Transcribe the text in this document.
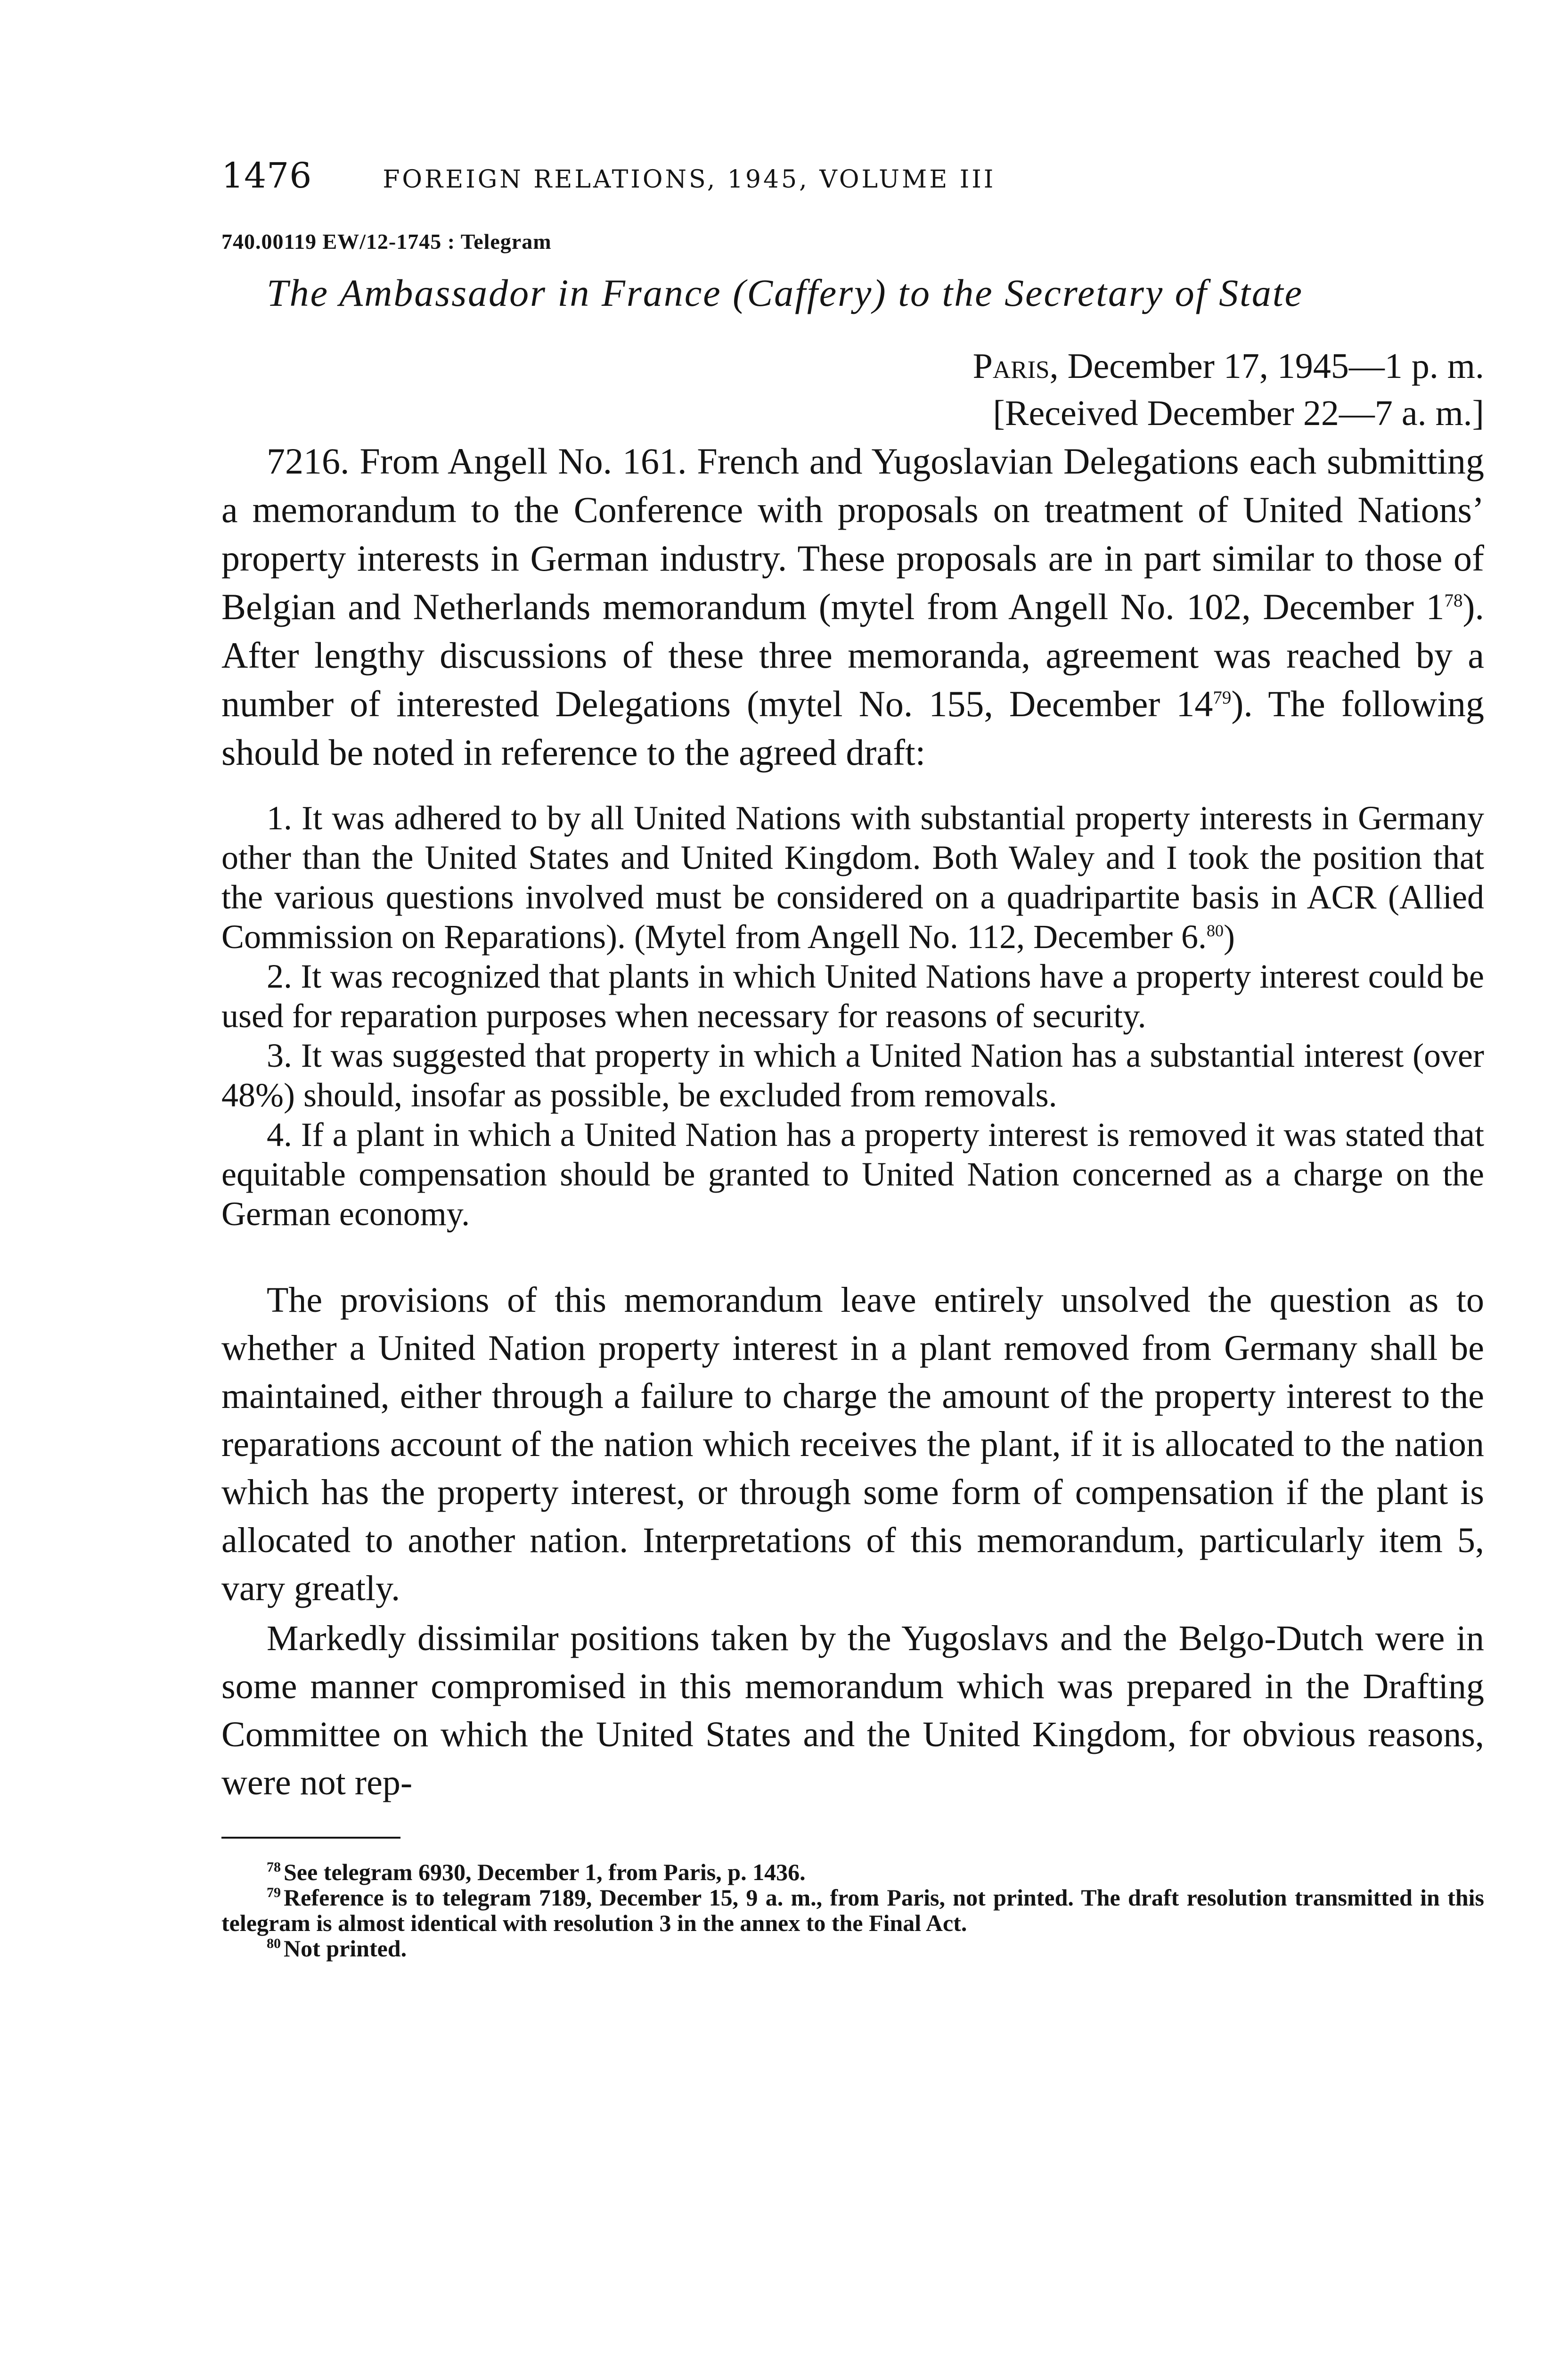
1476	FOREIGN RELATIONS, 1945, VOLUME III
740.00119 EW/12-1745 : Telegram
The Ambassador in France (Caffery) to the Secretary of State
Paris, December 17, 1945—1 p. m.
[Received December 22—7 a. m.]

7216. From Angell No. 161. French and Yugoslavian Delegations each submitting a memorandum to the Conference with proposals on treatment of United Nations’ property interests in German industry. These proposals are in part similar to those of Belgian and Netherlands memorandum (mytel from Angell No. 102, December $1^{78}$). After lengthy discussions of these three memoranda, agreement was reached by a number of interested Delegations (mytel No. 155, December $14^{79}$). The following should be noted in reference to the agreed draft:

1. It was adhered to by all United Nations with substantial property interests in Germany other than the United States and United Kingdom. Both Waley and I took the position that the various questions involved must be considered on a quadripartite basis in ACR (Allied Commission on Reparations). (Mytel from Angell No. 112, December 6.80)

2. It was recognized that plants in which United Nations have a property interest could be used for reparation purposes when necessary for reasons of security.

3. It was suggested that property in which a United Nation has a substantial interest (over 48%) should, insofar as possible, be excluded from removals.

4. If a plant in which a United Nation has a property interest is removed it was stated that equitable compensation should be granted to United Nation concerned as a charge on the German economy.

The provisions of this memorandum leave entirely unsolved the question as to whether a United Nation property interest in a plant removed from Germany shall be maintained, either through a failure to charge the amount of the property interest to the reparations account of the nation which receives the plant, if it is allocated to the nation which has the property interest, or through some form of compensation if the plant is allocated to another nation. Interpretations of this memorandum, particularly item 5, vary greatly.

Markedly dissimilar positions taken by the Yugoslavs and the Belgo-Dutch were in some manner compromised in this memorandum which was prepared in the Drafting Committee on which the United States and the United Kingdom, for obvious reasons, were not rep-

$^{78}$ See telegram 6930, December 1, from Paris, p. 1436.

$^{79}$ Reference is to telegram 7189, December 15, 9 a. m., from Paris, not printed. The draft resolution transmitted in this telegram is almost identical with resolution 3 in the annex to the Final Act.

$^{80}$ Not printed.
